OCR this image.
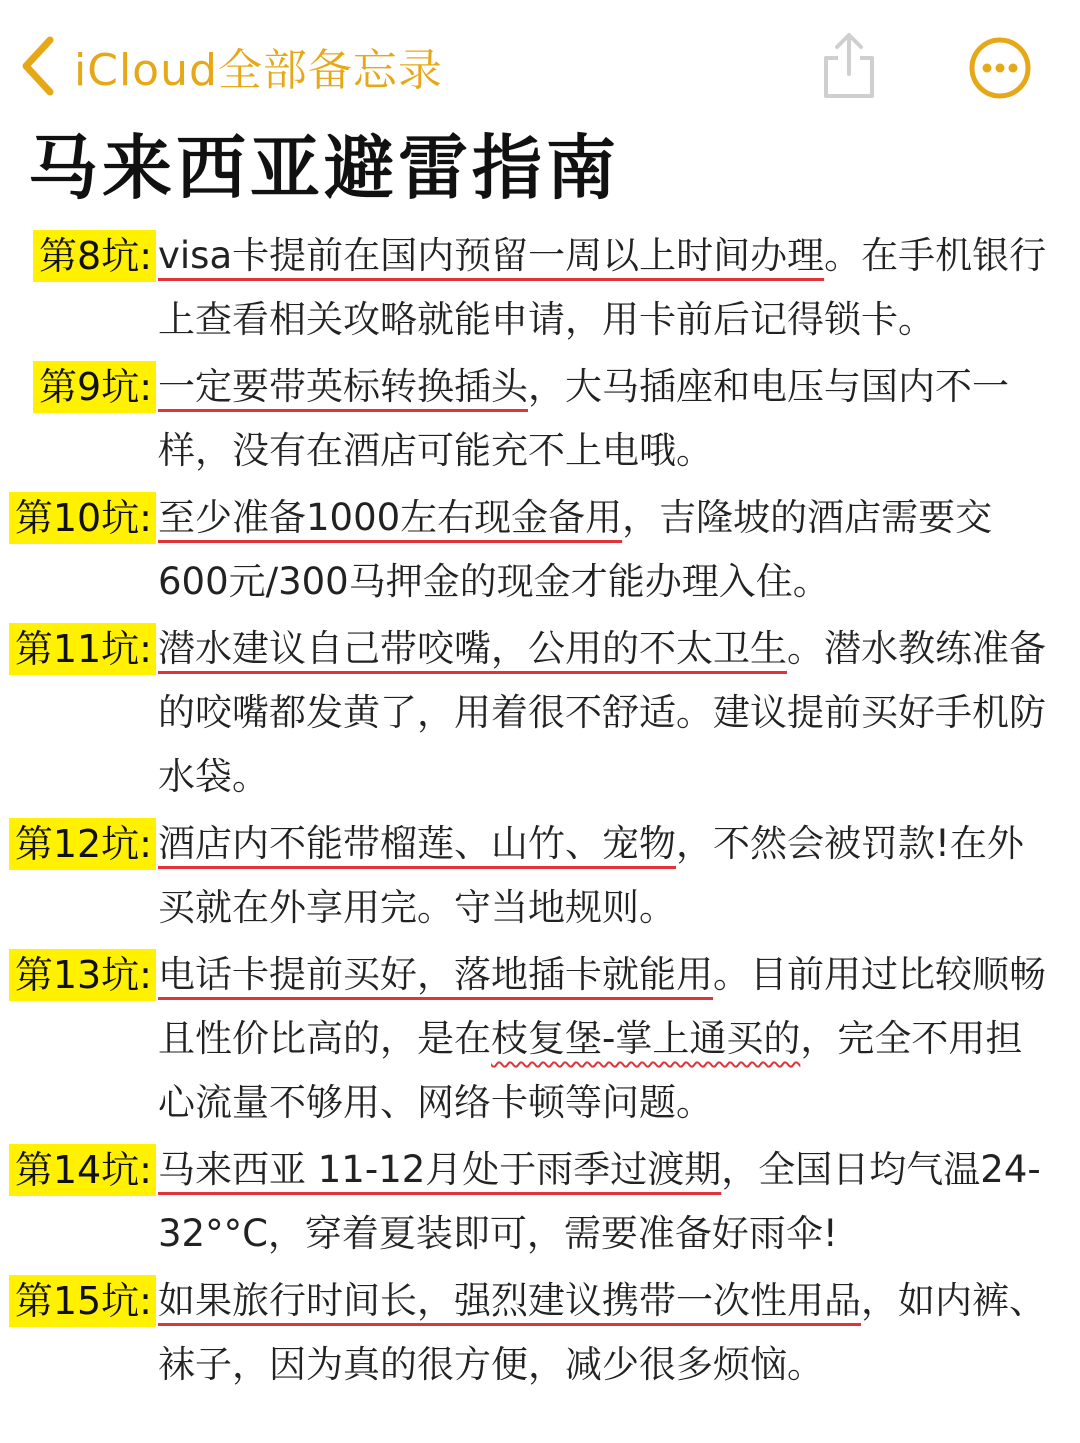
iCloud全部备忘录
马来西亚避雷指南
第8坑: visa卡提前在国内预留一周以上时间办理。在手机银行上查看相关攻略就能申请，用卡前后记得锁卡。
第9坑: 一定要带英标转换插头，大马插座和电压与国内不一样，没有在酒店可能充不上电哦。
第10坑: 至少准备1000左右现金备用，吉隆坡的酒店需要交600元/300马押金的现金才能办理入住。
第11坑: 潜水建议自己带咬嘴，公用的不太卫生。潜水教练准备的咬嘴都发黄了，用着很不舒适。建议提前买好手机防水袋。
第12坑: 酒店内不能带榴莲、山竹、宠物，不然会被罚款!在外买就在外享用完。守当地规则。
第13坑: 电话卡提前买好，落地插卡就能用。目前用过比较顺畅且性价比高的，是在枝复堡-掌上通买的，完全不用担心流量不够用、网络卡顿等问题。
第14坑: 马来西亚 11-12月处于雨季过渡期，全国日均气温24-32°°C，穿着夏装即可，需要准备好雨伞!
第15坑: 如果旅行时间长，强烈建议携带一次性用品，如内裤、袜子，因为真的很方便，减少很多烦恼。
